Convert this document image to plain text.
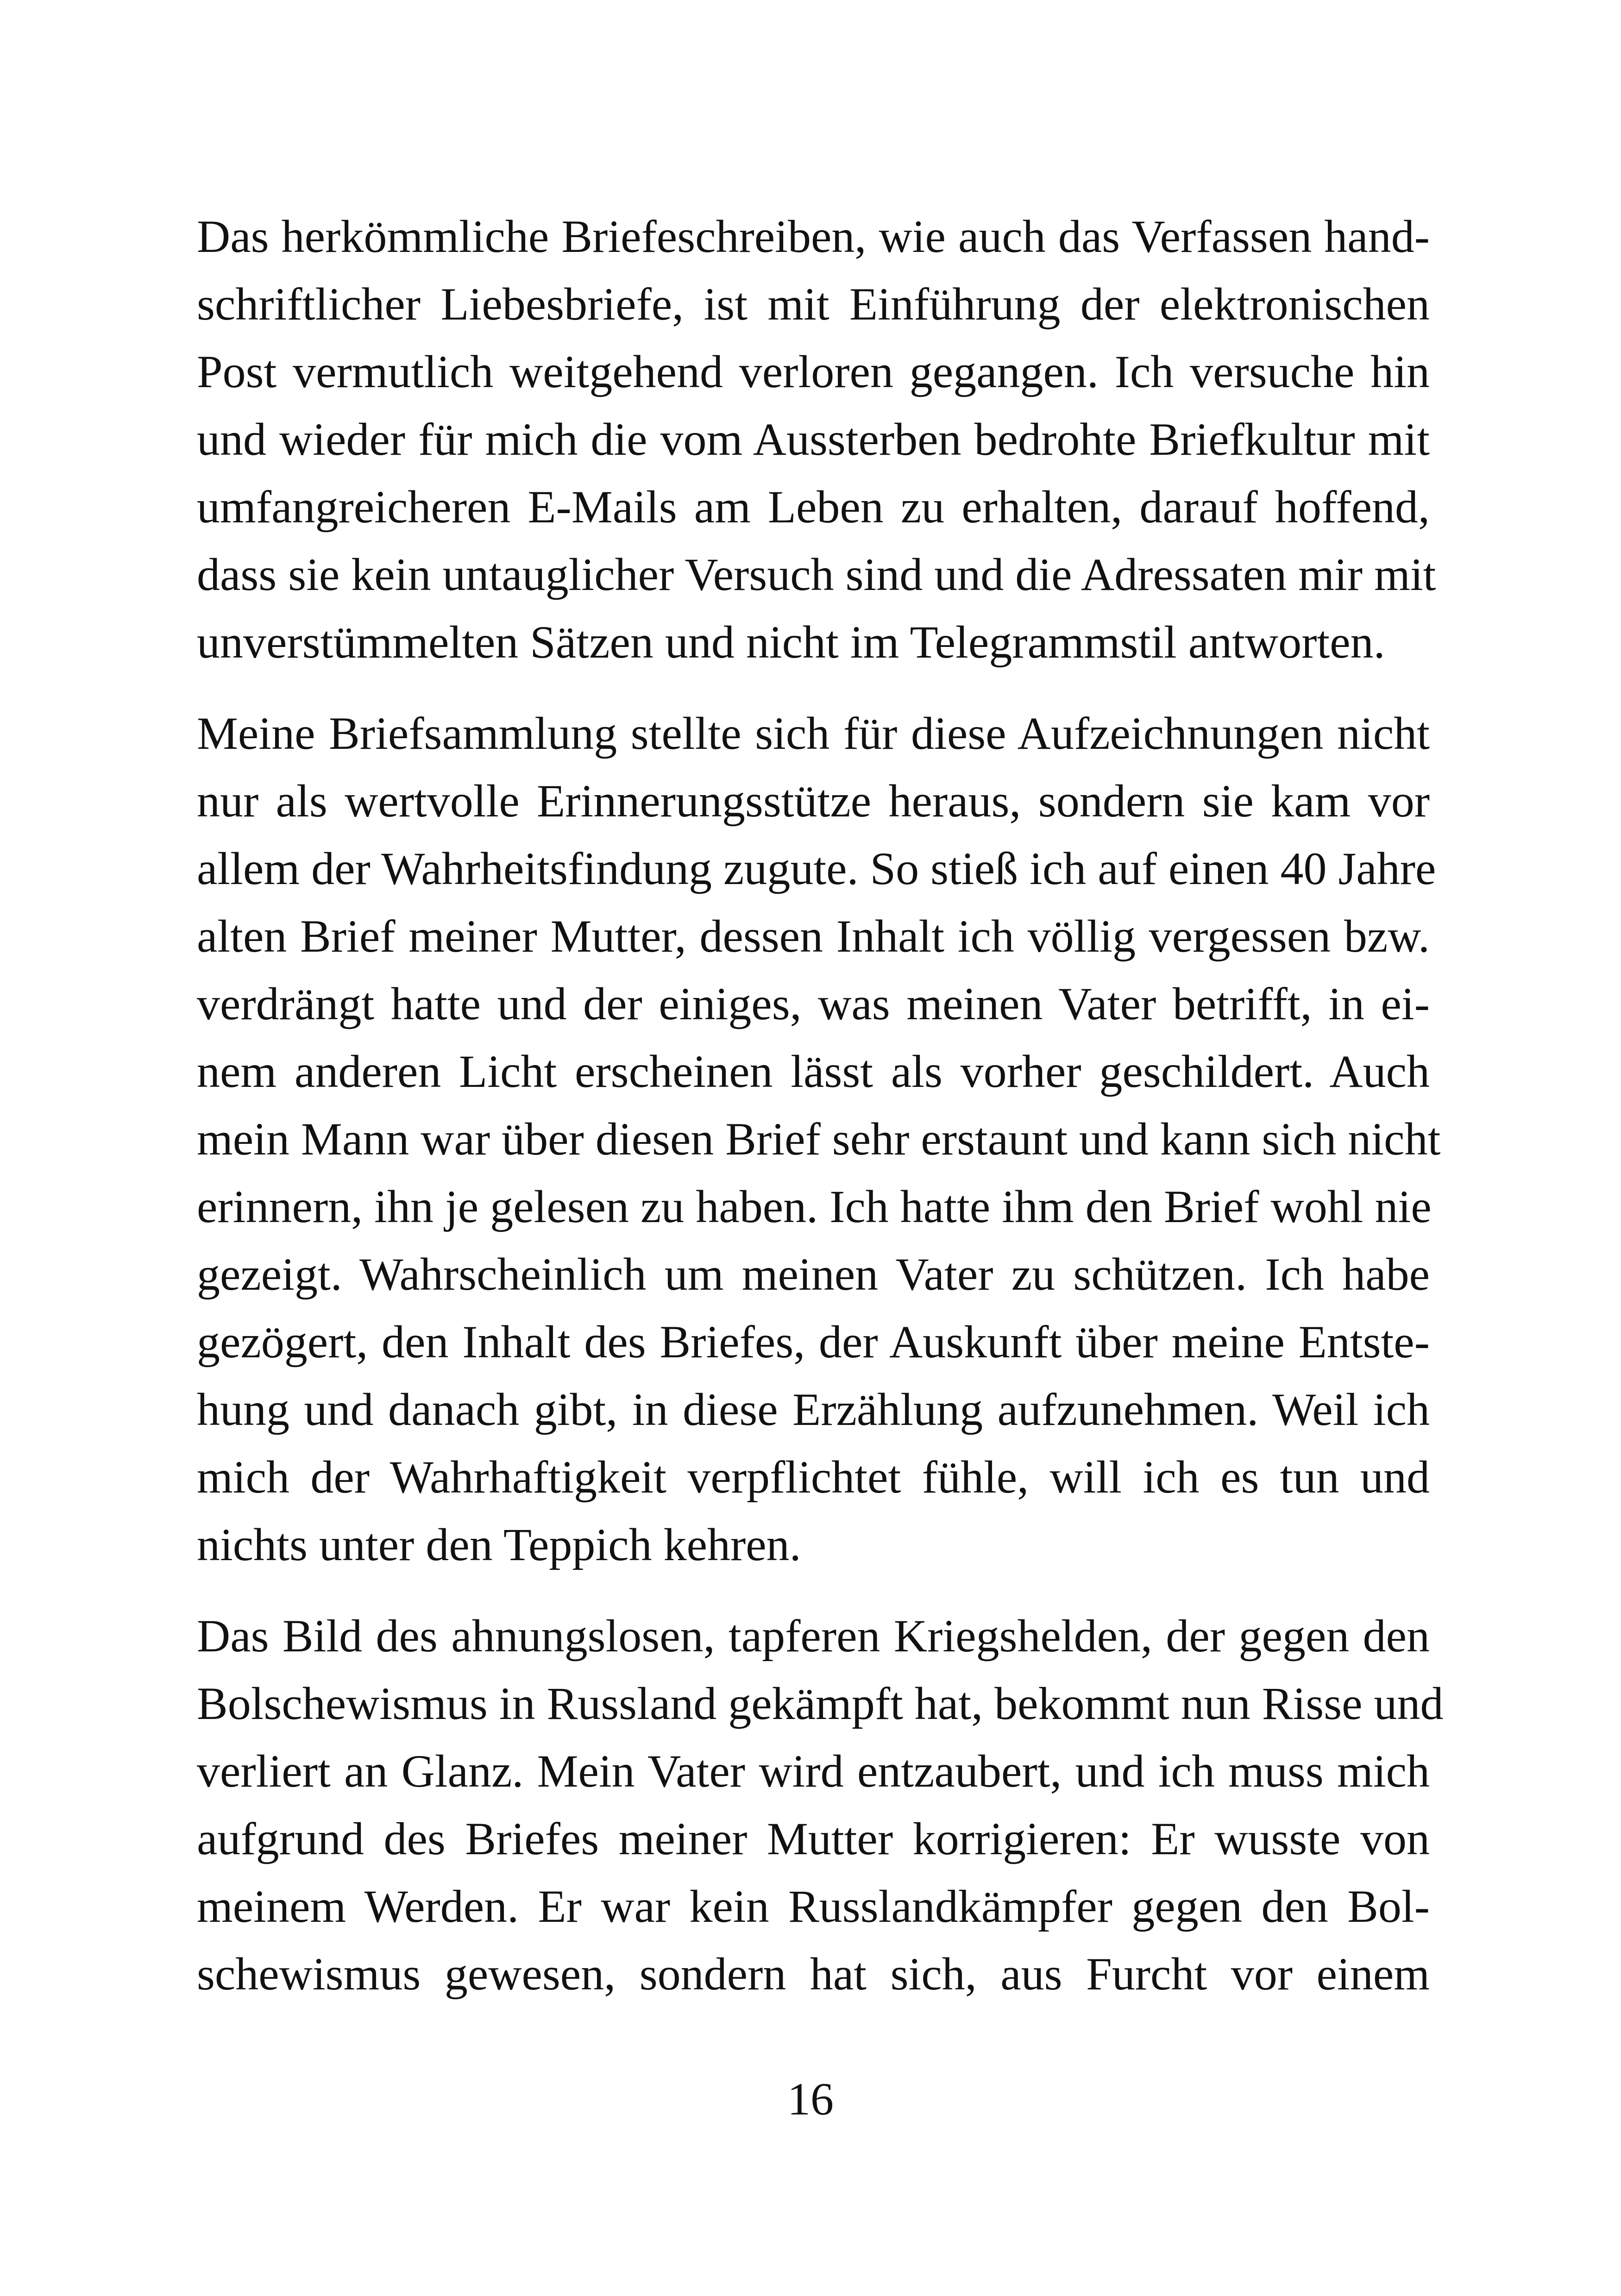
Das herkömmliche Briefeschreiben, wie auch das Verfassen hand-
schriftlicher Liebesbriefe, ist mit Einführung der elektronischen
Post vermutlich weitgehend verloren gegangen. Ich versuche hin
und wieder für mich die vom Aussterben bedrohte Briefkultur mit
umfangreicheren E-Mails am Leben zu erhalten, darauf hoffend,
dass sie kein untauglicher Versuch sind und die Adressaten mir mit
unverstümmelten Sätzen und nicht im Telegrammstil antworten.
Meine Briefsammlung stellte sich für diese Aufzeichnungen nicht
nur als wertvolle Erinnerungsstütze heraus, sondern sie kam vor
allem der Wahrheitsfindung zugute. So stieß ich auf einen 40 Jahre
alten Brief meiner Mutter, dessen Inhalt ich völlig vergessen bzw.
verdrängt hatte und der einiges, was meinen Vater betrifft, in ei-
nem anderen Licht erscheinen lässt als vorher geschildert. Auch
mein Mann war über diesen Brief sehr erstaunt und kann sich nicht
erinnern, ihn je gelesen zu haben. Ich hatte ihm den Brief wohl nie
gezeigt. Wahrscheinlich um meinen Vater zu schützen. Ich habe
gezögert, den Inhalt des Briefes, der Auskunft über meine Entste-
hung und danach gibt, in diese Erzählung aufzunehmen. Weil ich
mich der Wahrhaftigkeit verpflichtet fühle, will ich es tun und
nichts unter den Teppich kehren.
Das Bild des ahnungslosen, tapferen Kriegshelden, der gegen den
Bolschewismus in Russland gekämpft hat, bekommt nun Risse und
verliert an Glanz. Mein Vater wird entzaubert, und ich muss mich
aufgrund des Briefes meiner Mutter korrigieren: Er wusste von
meinem Werden. Er war kein Russlandkämpfer gegen den Bol-
schewismus gewesen, sondern hat sich, aus Furcht vor einem
16
